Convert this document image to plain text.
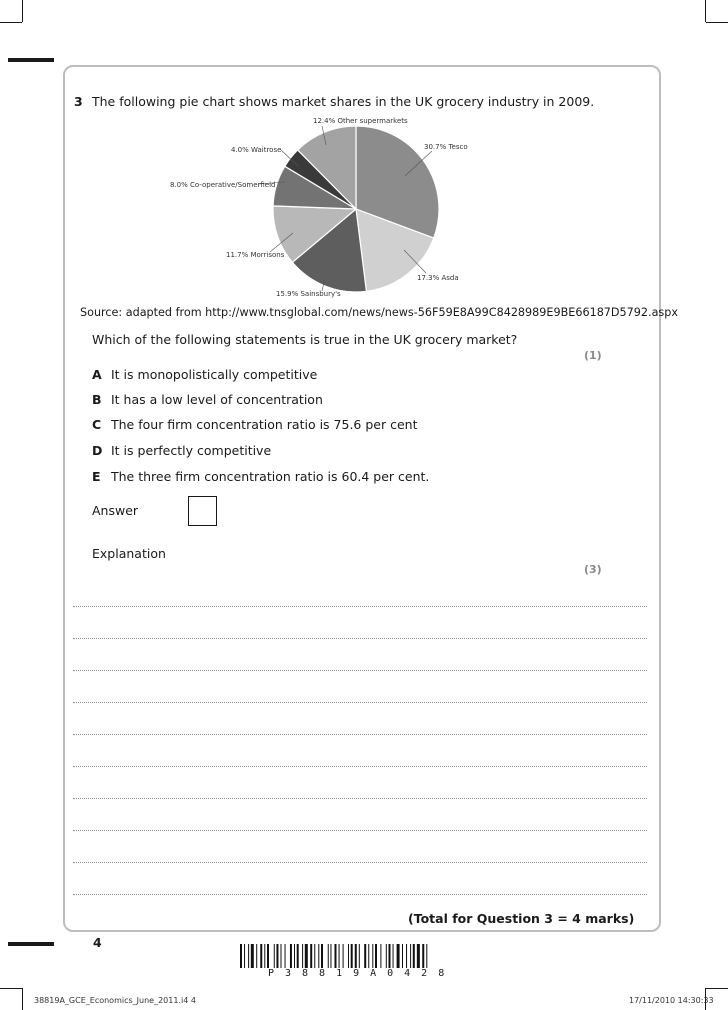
3 The following pie chart shows market shares in the UK grocery industry in 2009.
30.7% Tesco
17.3% Asda
15.9% Sainsbury's
11.7% Morrisons
8.0% Co-operative/Somerfield
4.0% Waitrose
12.4% Other supermarkets
Source: adapted from http://www.tnsglobal.com/news/news-56F59E8A99C8428989E9BE66187D5792.aspx
Which of the following statements is true in the UK grocery market?
(1)
A It is monopolistically competitive
B It has a low level of concentration
C The four firm concentration ratio is 75.6 per cent
D It is perfectly competitive
E The three firm concentration ratio is 60.4 per cent.
Answer
Explanation
(3)
(Total for Question 3 = 4 marks)
4
P38819A0428
38819A_GCE_Economics_June_2011.i4 4	17/11/2010 14:30:33
